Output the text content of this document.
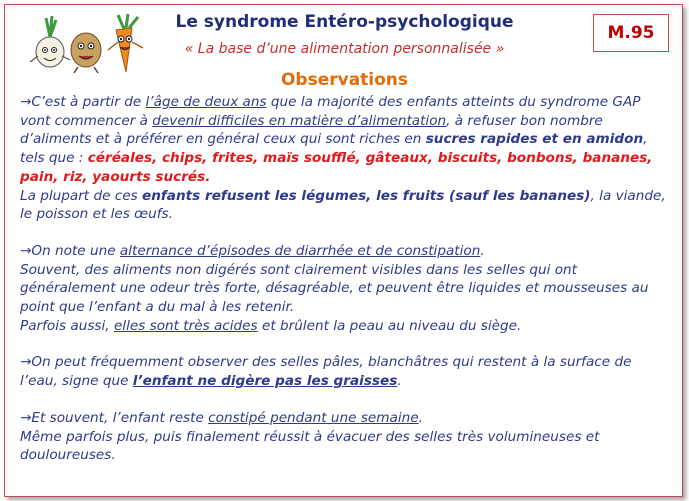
Le syndrome Entéro-psychologique
« La base d’une alimentation personnalisée »
Observations
M.95

→C’est à partir de l’âge de deux ans que la majorité des enfants atteints du syndrome GAP vont commencer à devenir difficiles en matière d’alimentation, à refuser bon nombre d’aliments et à préférer en général ceux qui sont riches en sucres rapides et en amidon, tels que : céréales, chips, frites, maïs soufflé, gâteaux, biscuits, bonbons, bananes, pain, riz, yaourts sucrés.
La plupart de ces enfants refusent les légumes, les fruits (sauf les bananes), la viande, le poisson et les œufs.

→On note une alternance d’épisodes de diarrhée et de constipation.
Souvent, des aliments non digérés sont clairement visibles dans les selles qui ont généralement une odeur très forte, désagréable, et peuvent être liquides et mousseuses au point que l’enfant a du mal à les retenir.
Parfois aussi, elles sont très acides et brûlent la peau au niveau du siège.

→On peut fréquemment observer des selles pâles, blanchâtres qui restent à la surface de l’eau, signe que l’enfant ne digère pas les graisses.

→Et souvent, l’enfant reste constipé pendant une semaine.
Même parfois plus, puis finalement réussit à évacuer des selles très volumineuses et douloureuses.
